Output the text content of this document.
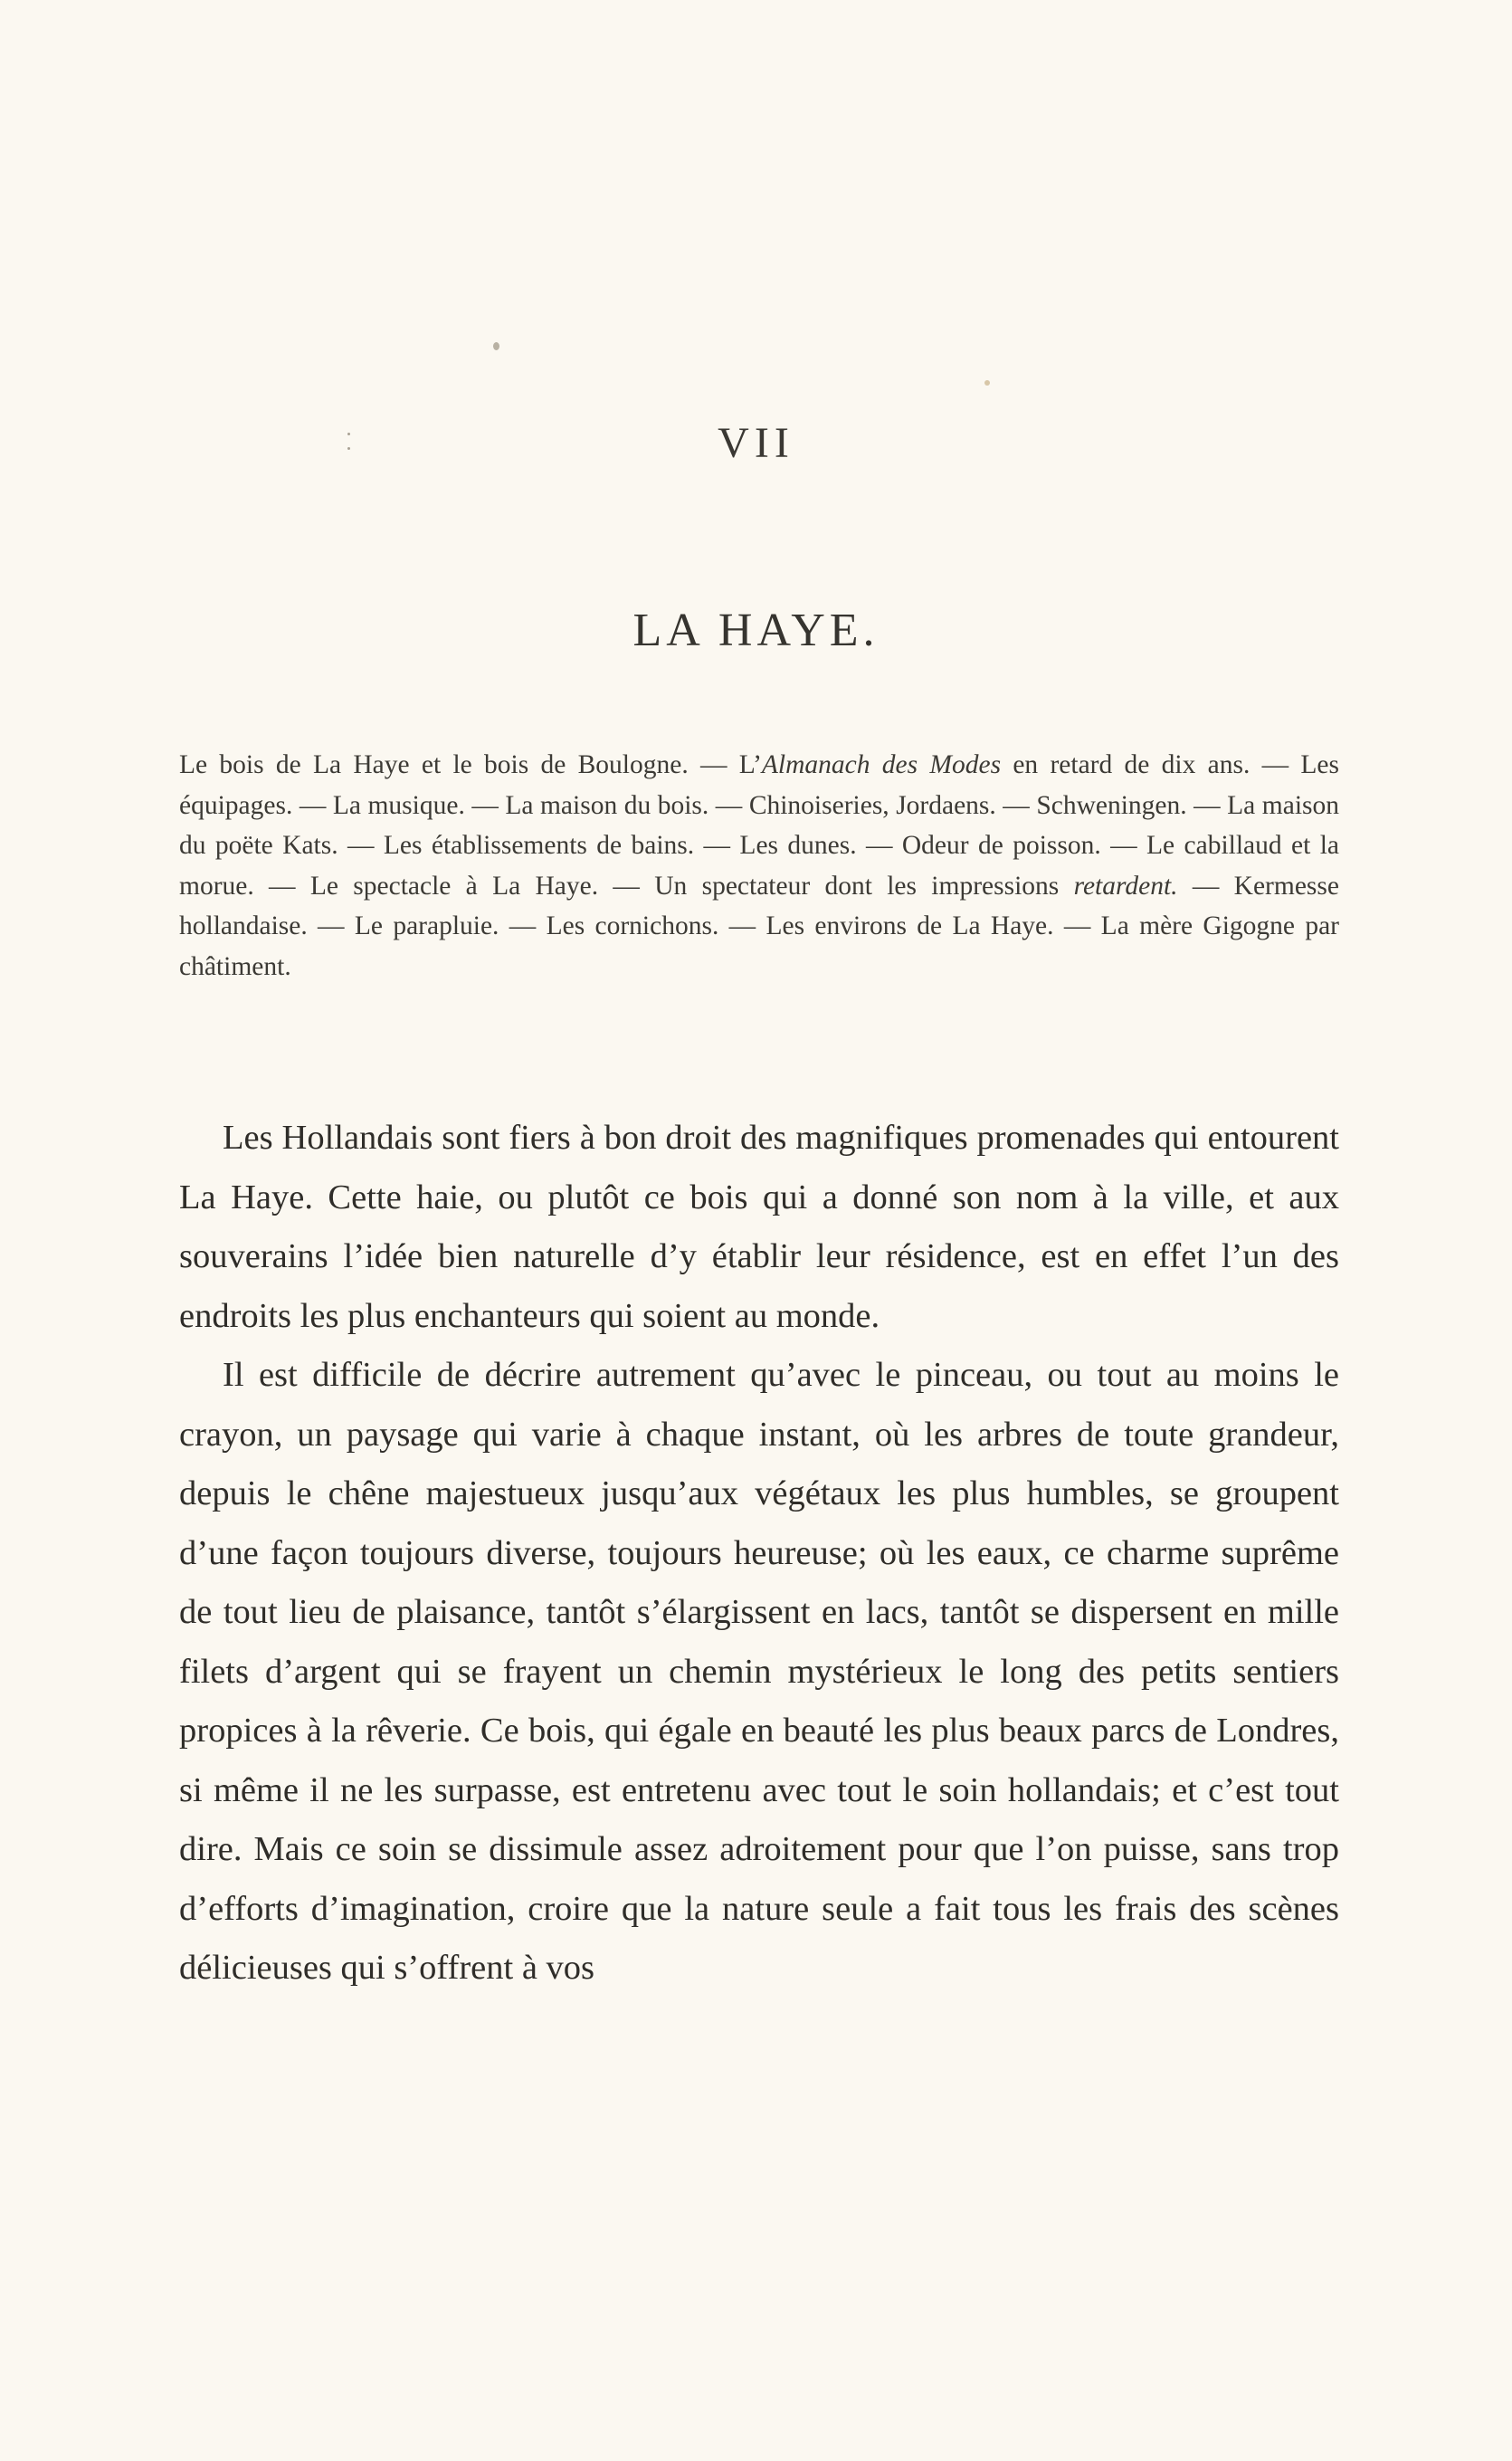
VII
LA HAYE.

Le bois de La Haye et le bois de Boulogne. — L’Almanach des Modes en retard de dix ans. — Les équipages. — La musique. — La maison du bois. — Chinoiseries, Jordaens. — Schweningen. — La maison du poëte Kats. — Les établissements de bains. — Les dunes. — Odeur de poisson. — Le cabillaud et la morue. — Le spectacle à La Haye. — Un spectateur dont les impressions retardent. — Kermesse hollandaise. — Le parapluie. — Les cornichons. — Les environs de La Haye. — La mère Gigogne par châtiment.

Les Hollandais sont fiers à bon droit des magnifiques promenades qui entourent La Haye. Cette haie, ou plutôt ce bois qui a donné son nom à la ville, et aux souverains l’idée bien naturelle d’y établir leur résidence, est en effet l’un des endroits les plus enchanteurs qui soient au monde.

Il est difficile de décrire autrement qu’avec le pinceau, ou tout au moins le crayon, un paysage qui varie à chaque instant, où les arbres de toute grandeur, depuis le chêne majestueux jusqu’aux végétaux les plus humbles, se groupent d’une façon toujours diverse, toujours heureuse; où les eaux, ce charme suprême de tout lieu de plaisance, tantôt s’élargissent en lacs, tantôt se dispersent en mille filets d’argent qui se frayent un chemin mystérieux le long des petits sentiers propices à la rêverie. Ce bois, qui égale en beauté les plus beaux parcs de Londres, si même il ne les surpasse, est entretenu avec tout le soin hollandais; et c’est tout dire. Mais ce soin se dissimule assez adroitement pour que l’on puisse, sans trop d’efforts d’imagination, croire que la nature seule a fait tous les frais des scènes délicieuses qui s’offrent à vos
